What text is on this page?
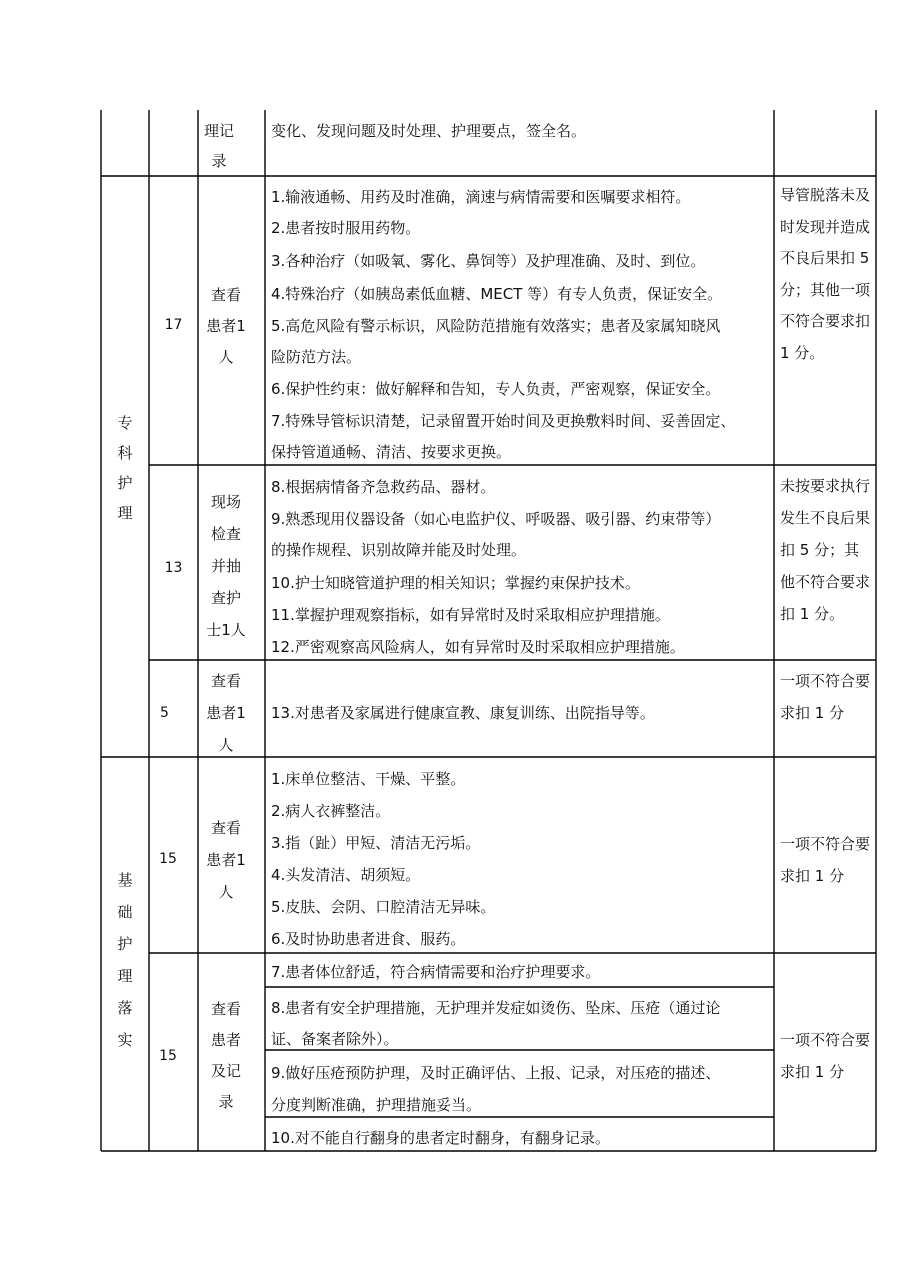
理记录
变化、发现问题及时处理、护理要点，签全名。
专科护理
17
查看患者1人
1.输液通畅、用药及时准确，滴速与病情需要和医嘱要求相符。
2.患者按时服用药物。
3.各种治疗（如吸氧、雾化、鼻饲等）及护理准确、及时、到位。
4.特殊治疗（如胰岛素低血糖、MECT 等）有专人负责，保证安全。
5.高危风险有警示标识，风险防范措施有效落实；患者及家属知晓风
险防范方法。
6.保护性约束：做好解释和告知，专人负责，严密观察，保证安全。
7.特殊导管标识清楚，记录留置开始时间及更换敷料时间、妥善固定、
保持管道通畅、清洁、按要求更换。
导管脱落未及时发现并造成不良后果扣 5 分；其他一项不符合要求扣 1 分。
13
现场检查并抽查护士1人
8.根据病情备齐急救药品、器材。
9.熟悉现用仪器设备（如心电监护仪、呼吸器、吸引器、约束带等）
的操作规程、识别故障并能及时处理。
10.护士知晓管道护理的相关知识；掌握约束保护技术。
11.掌握护理观察指标，如有异常时及时采取相应护理措施。
12.严密观察高风险病人，如有异常时及时采取相应护理措施。
未按要求执行发生不良后果扣 5 分；其他不符合要求扣 1 分。
5
查看患者1人
13.对患者及家属进行健康宣教、康复训练、出院指导等。
一项不符合要求扣 1 分
基础护理落实
15
查看患者1人
1.床单位整洁、干燥、平整。
2.病人衣裤整洁。
3.指（趾）甲短、清洁无污垢。
4.头发清洁、胡须短。
5.皮肤、会阴、口腔清洁无异味。
6.及时协助患者进食、服药。
一项不符合要求扣 1 分
15
查看患者及记录
7.患者体位舒适，符合病情需要和治疗护理要求。
8.患者有安全护理措施，无护理并发症如烫伤、坠床、压疮（通过论
证、备案者除外）。
9.做好压疮预防护理，及时正确评估、上报、记录，对压疮的描述、
分度判断准确，护理措施妥当。
10.对不能自行翻身的患者定时翻身，有翻身记录。
一项不符合要求扣 1 分
